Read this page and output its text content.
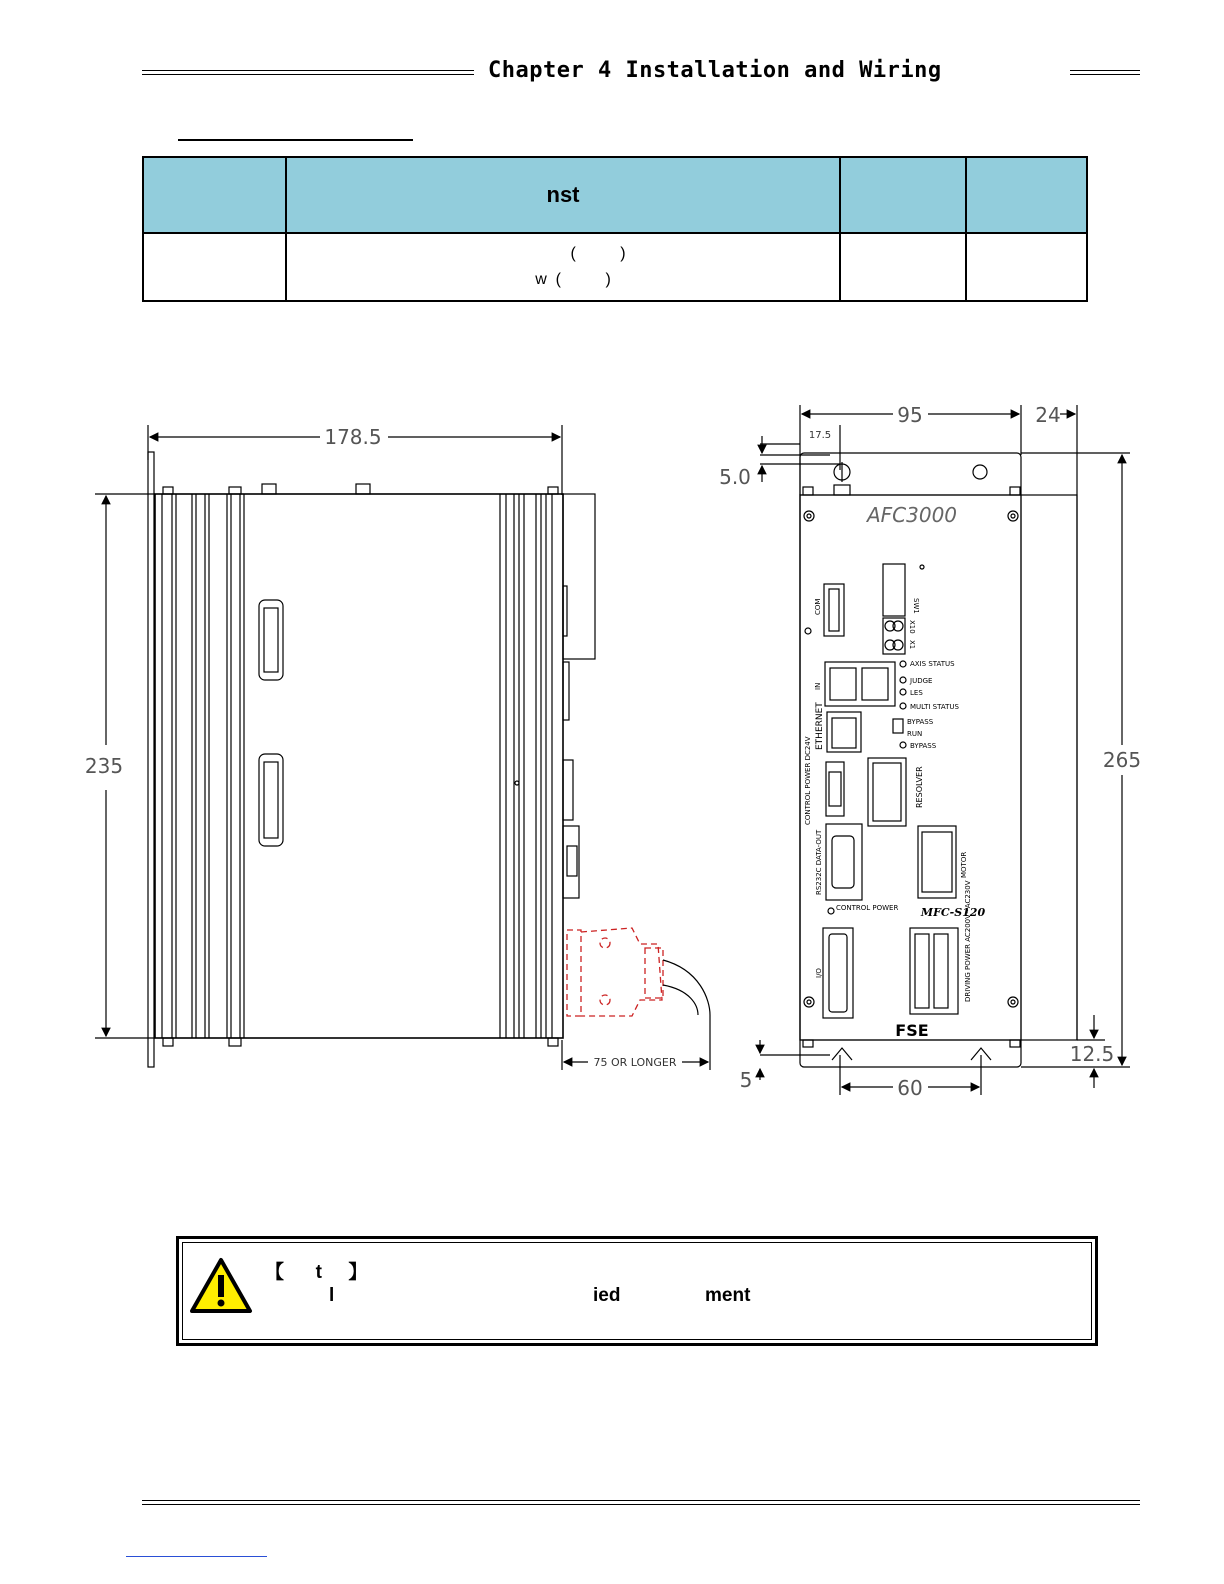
Chapter 4 Installation and Wiring
	nst		

	(          )
w  (          )		

178.5
235
75 OR LONGER
AFC3000
MFC-S120
FSE
AXIS STATUS
JUDGE
LES
MULTI STATUS
BYPASS
RUN
BYPASS
CONTROL POWER
COM	SW1
X10
X1
IN
ETHERNET
CONTROL POWER DC24V	RESOLVER
RS232C DATA-OUT	MOTOR
I/O	DRIVING POWER AC200V~AC230V
95	24
5.0
265
12.5
5	60
17.5
【      t     】
l	ied	ment
